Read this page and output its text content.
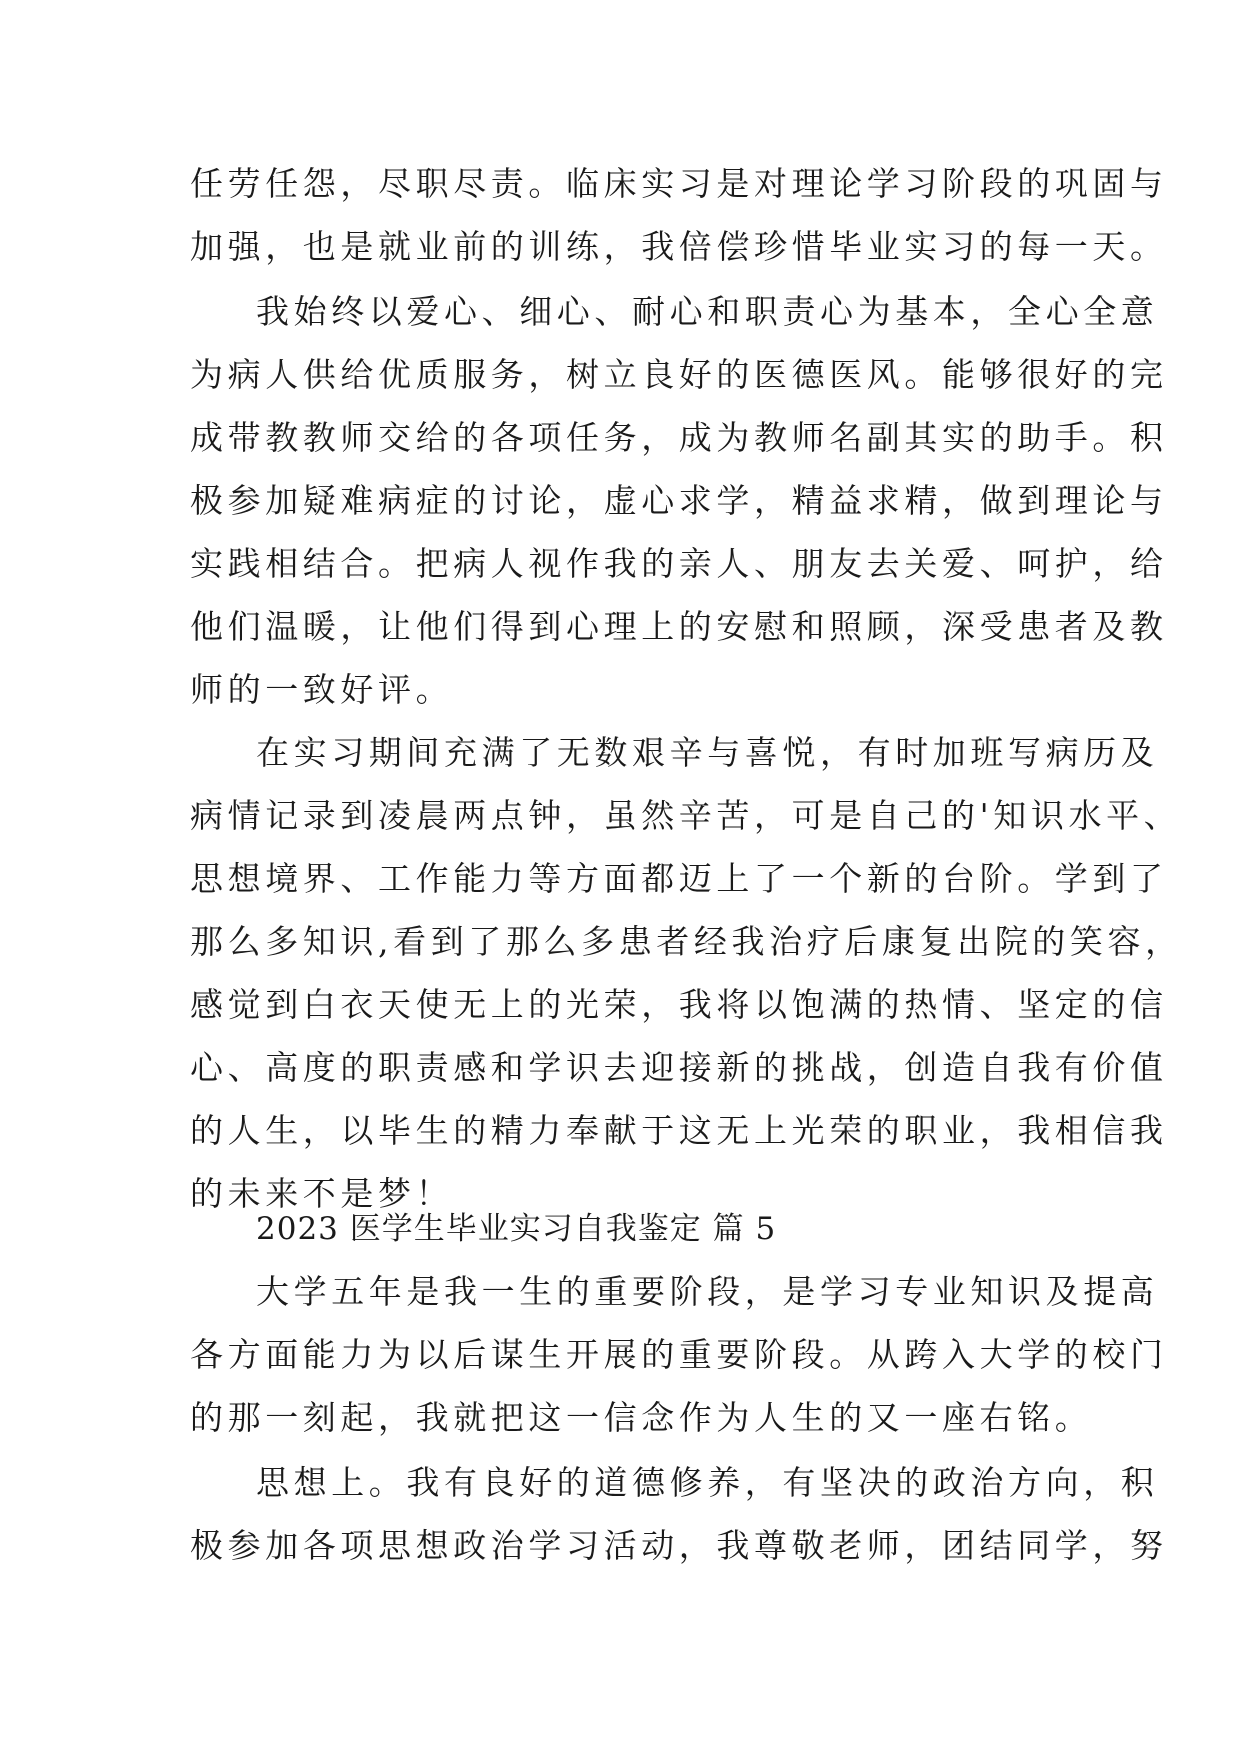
任劳任怨，尽职尽责。临床实习是对理论学习阶段的巩固与
加强，也是就业前的训练，我倍偿珍惜毕业实习的每一天。
我始终以爱心、细心、耐心和职责心为基本，全心全意
为病人供给优质服务，树立良好的医德医风。能够很好的完
成带教教师交给的各项任务，成为教师名副其实的助手。积
极参加疑难病症的讨论，虚心求学，精益求精，做到理论与
实践相结合。把病人视作我的亲人、朋友去关爱、呵护，给
他们温暖，让他们得到心理上的安慰和照顾，深受患者及教
师的一致好评。
在实习期间充满了无数艰辛与喜悦，有时加班写病历及
病情记录到凌晨两点钟，虽然辛苦，可是自己的'知识水平、
思想境界、工作能力等方面都迈上了一个新的台阶。学到了
那么多知识,看到了那么多患者经我治疗后康复出院的笑容，
感觉到白衣天使无上的光荣，我将以饱满的热情、坚定的信
心、高度的职责感和学识去迎接新的挑战，创造自我有价值
的人生，以毕生的精力奉献于这无上光荣的职业，我相信我
的未来不是梦！
2023 医学生毕业实习自我鉴定 篇 5
大学五年是我一生的重要阶段，是学习专业知识及提高
各方面能力为以后谋生开展的重要阶段。从跨入大学的校门
的那一刻起，我就把这一信念作为人生的又一座右铭。
思想上。我有良好的道德修养，有坚决的政治方向，积
极参加各项思想政治学习活动，我尊敬老师，团结同学，努
